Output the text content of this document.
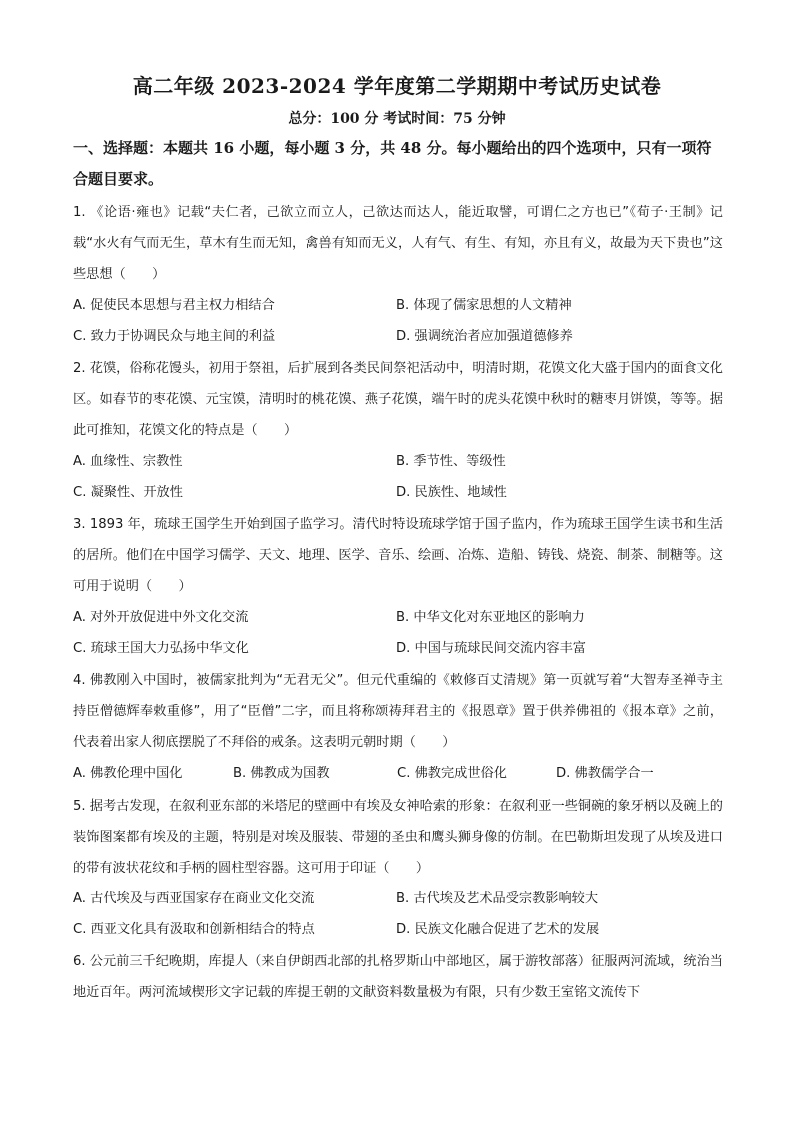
高二年级 2023-2024 学年度第二学期期中考试历史试卷
总分：100 分 考试时间：75 分钟
一、选择题：本题共 16 小题，每小题 3 分，共 48 分。每小题给出的四个选项中，只有一项符合题目要求。
1. 《论语·雍也》记载“夫仁者，己欲立而立人，己欲达而达人，能近取譬，可谓仁之方也已”《荀子·王制》记载“水火有气而无生，草木有生而无知，禽兽有知而无义，人有气、有生、有知，亦且有义，故最为天下贵也”这些思想（　　）
A. 促使民本思想与君主权力相结合	B. 体现了儒家思想的人文精神
C. 致力于协调民众与地主间的利益	D. 强调统治者应加强道德修养
2. 花馍，俗称花馒头，初用于祭祖，后扩展到各类民间祭祀活动中，明清时期，花馍文化大盛于国内的面食文化区。如春节的枣花馍、元宝馍，清明时的桃花馍、燕子花馍，端午时的虎头花馍中秋时的糖枣月饼馍，等等。据此可推知，花馍文化的特点是（　　）
A. 血缘性、宗教性	B. 季节性、等级性
C. 凝聚性、开放性	D. 民族性、地域性
3. 1893 年，琉球王国学生开始到国子监学习。清代时特设琉球学馆于国子监内，作为琉球王国学生读书和生活的居所。他们在中国学习儒学、天文、地理、医学、音乐、绘画、冶炼、造船、铸钱、烧瓷、制茶、制糖等。这可用于说明（　　）
A. 对外开放促进中外文化交流	B. 中华文化对东亚地区的影响力
C. 琉球王国大力弘扬中华文化	D. 中国与琉球民间交流内容丰富
4. 佛教刚入中国时，被儒家批判为“无君无父”。但元代重编的《敕修百丈清规》第一页就写着“大智寿圣禅寺主持臣僧德辉奉敕重修”，用了“臣僧”二字，而且将称颂祷拜君主的《报恩章》置于供养佛祖的《报本章》之前，代表着出家人彻底摆脱了不拜俗的戒条。这表明元朝时期（　　）
A. 佛教伦理中国化	B. 佛教成为国教	C. 佛教完成世俗化	D. 佛教儒学合一
5. 据考古发现，在叙利亚东部的米塔尼的壁画中有埃及女神哈索的形象：在叙利亚一些铜碗的象牙柄以及碗上的装饰图案都有埃及的主题，特别是对埃及服装、带翅的圣虫和鹰头狮身像的仿制。在巴勒斯坦发现了从埃及进口的带有波状花纹和手柄的圆柱型容器。这可用于印证（　　）
A. 古代埃及与西亚国家存在商业文化交流	B. 古代埃及艺术品受宗教影响较大
C. 西亚文化具有汲取和创新相结合的特点	D. 民族文化融合促进了艺术的发展
6. 公元前三千纪晚期，库提人（来自伊朗西北部的扎格罗斯山中部地区，属于游牧部落）征服两河流域，统治当地近百年。两河流域楔形文字记载的库提王朝的文献资料数量极为有限，只有少数王室铭文流传下
